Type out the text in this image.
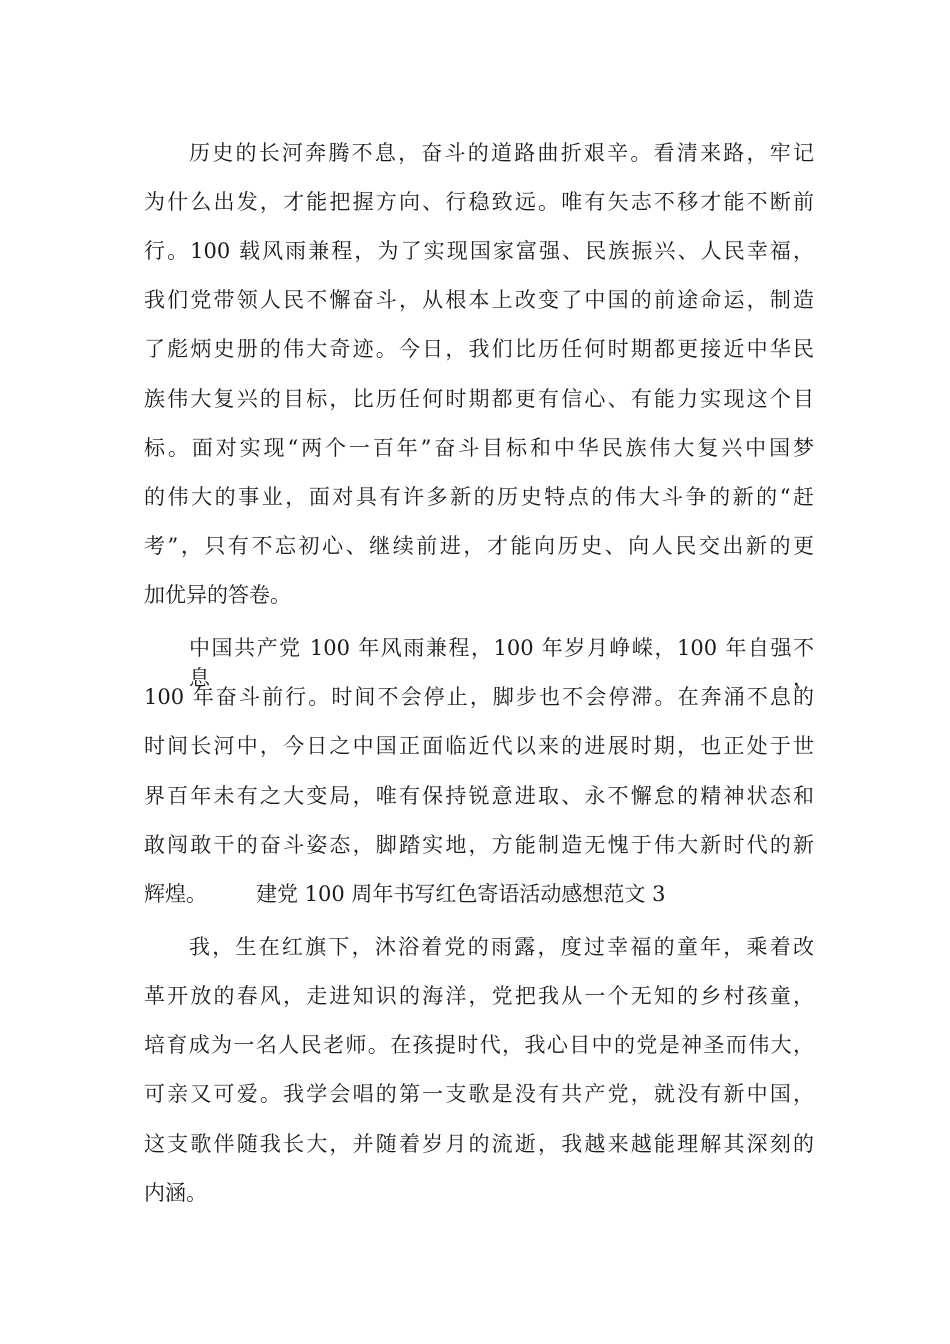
历史的长河奔腾不息，奋斗的道路曲折艰辛。看清来路，牢记
为什么出发，才能把握方向、行稳致远。唯有矢志不移才能不断前
行。100 载风雨兼程，为了实现国家富强、民族振兴、人民幸福，
我们党带领人民不懈奋斗，从根本上改变了中国的前途命运，制造
了彪炳史册的伟大奇迹。今日，我们比历任何时期都更接近中华民
族伟大复兴的目标，比历任何时期都更有信心、有能力实现这个目
标。面对实现“两个一百年”奋斗目标和中华民族伟大复兴中国梦
的伟大的事业，面对具有许多新的历史特点的伟大斗争的新的“赶
考”，只有不忘初心、继续前进，才能向历史、向人民交出新的更
加优异的答卷。
中国共产党 100 年风雨兼程，100 年岁月峥嵘，100 年自强不息，
100 年奋斗前行。时间不会停止，脚步也不会停滞。在奔涌不息的
时间长河中，今日之中国正面临近代以来的进展时期，也正处于世
界百年未有之大变局，唯有保持锐意进取、永不懈怠的精神状态和
敢闯敢干的奋斗姿态，脚踏实地，方能制造无愧于伟大新时代的新
辉煌。	建党 100 周年书写红色寄语活动感想范文 3
我，生在红旗下，沐浴着党的雨露，度过幸福的童年，乘着改
革开放的春风，走进知识的海洋，党把我从一个无知的乡村孩童，
培育成为一名人民老师。在孩提时代，我心目中的党是神圣而伟大，
可亲又可爱。我学会唱的第一支歌是没有共产党，就没有新中国，
这支歌伴随我长大，并随着岁月的流逝，我越来越能理解其深刻的
内涵。
